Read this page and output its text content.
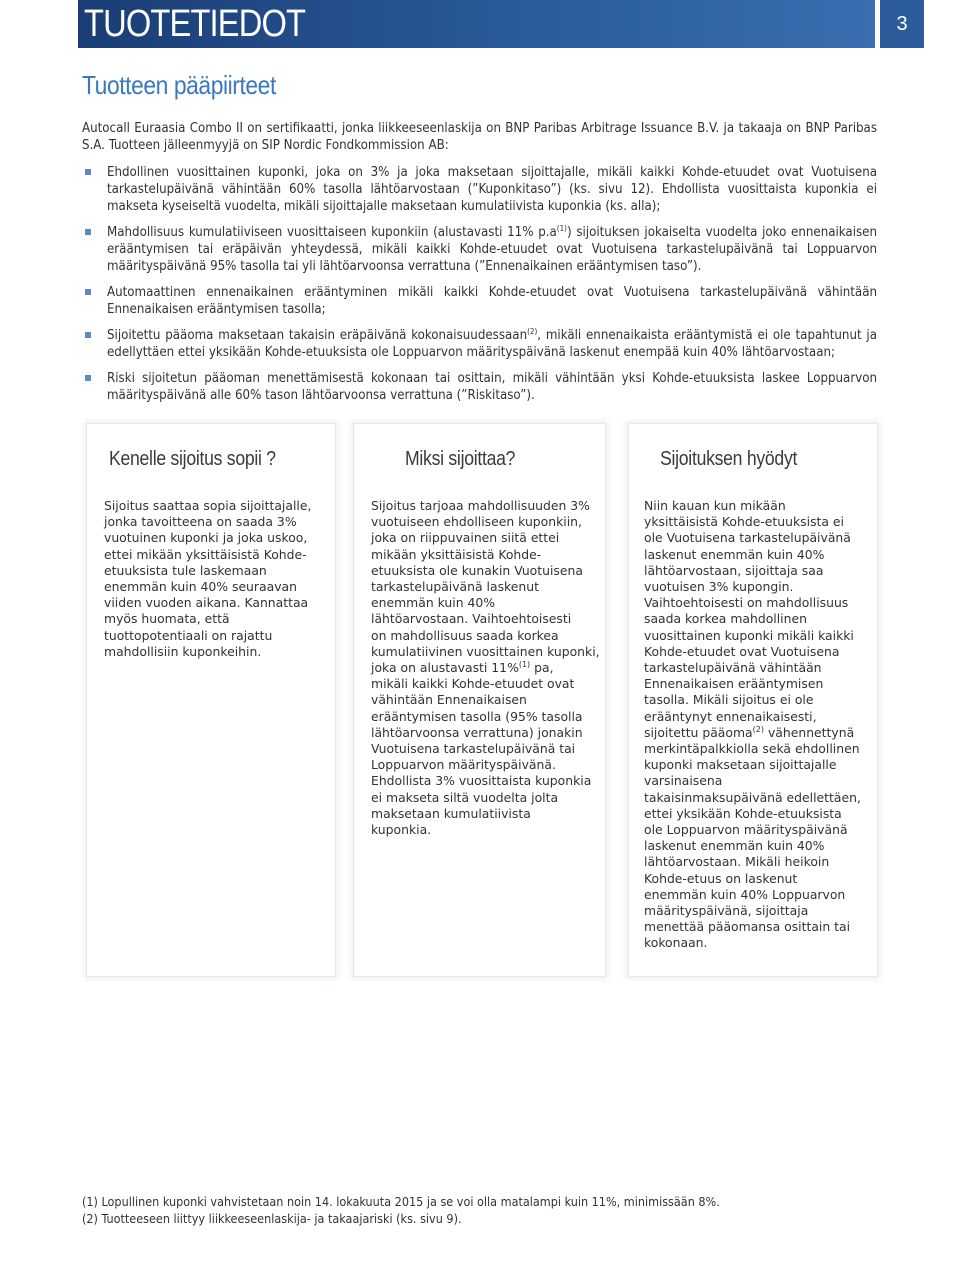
TUOTETIEDOT	3
Tuotteen pääpiirteet
Autocall Euraasia Combo II on sertifikaatti, jonka liikkeeseenlaskija on BNP Paribas Arbitrage Issuance B.V. ja takaaja on BNP Paribas S.A. Tuotteen jälleenmyyjä on SIP Nordic Fondkommission AB:
Ehdollinen vuosittainen kuponki, joka on 3% ja joka maksetaan sijoittajalle, mikäli kaikki Kohde-etuudet ovat Vuotuisena tarkastelupäivänä vähintään 60% tasolla lähtöarvostaan (”Kuponkitaso”) (ks. sivu 12). Ehdollista vuosittaista kuponkia ei makseta kyseiseltä vuodelta, mikäli sijoittajalle maksetaan kumulatiivista kuponkia (ks. alla);
Mahdollisuus kumulatiiviseen vuosittaiseen kuponkiin (alustavasti 11% $p.a^{(1)}$) sijoituksen jokaiselta vuodelta joko ennenaikaisen erääntymisen tai eräpäivän yhteydessä, mikäli kaikki Kohde-etuudet ovat Vuotuisena tarkastelupäivänä tai Loppuarvon määrityspäivänä 95% tasolla tai yli lähtöarvoonsa verrattuna (”Ennenaikainen erääntymisen taso”).
Automaattinen ennenaikainen erääntyminen mikäli kaikki Kohde-etuudet ovat Vuotuisena tarkastelupäivänä vähintään Ennenaikaisen erääntymisen tasolla;
Sijoitettu pääoma maksetaan takaisin eräpäivänä kokonaisuudessaan$^{(2)}$, mikäli ennenaikaista erääntymistä ei ole tapahtunut ja edellyttäen ettei yksikään Kohde-etuuksista ole Loppuarvon määrityspäivänä laskenut enempää kuin 40% lähtöarvostaan;
Riski sijoitetun pääoman menettämisestä kokonaan tai osittain, mikäli vähintään yksi Kohde-etuuksista laskee Loppuarvon määrityspäivänä alle 60% tason lähtöarvoonsa verrattuna (”Riskitaso”).
Kenelle sijoitus sopii ?
Sijoitus saattaa sopia sijoittajalle,
jonka tavoitteena on saada 3%
vuotuinen kuponki ja joka uskoo,
ettei mikään yksittäisistä Kohde-
etuuksista tule laskemaan
enemmän kuin 40% seuraavan
viiden vuoden aikana. Kannattaa
myös huomata, että
tuottopotentiaali on rajattu
mahdollisiin kuponkeihin.
Miksi sijoittaa?
Sijoitus tarjoaa mahdollisuuden 3%
vuotuiseen ehdolliseen kuponkiin,
joka on riippuvainen siitä ettei
mikään yksittäisistä Kohde-
etuuksista ole kunakin Vuotuisena
tarkastelupäivänä laskenut
enemmän kuin 40%
lähtöarvostaan. Vaihtoehtoisesti
on mahdollisuus saada korkea
kumulatiivinen vuosittainen kuponki,
joka on alustavasti 11%$^{(1)}$ pa,
mikäli kaikki Kohde-etuudet ovat
vähintään Ennenaikaisen
erääntymisen tasolla (95% tasolla
lähtöarvoonsa verrattuna) jonakin
Vuotuisena tarkastelupäivänä tai
Loppuarvon määrityspäivänä.
Ehdollista 3% vuosittaista kuponkia
ei makseta siltä vuodelta jolta
maksetaan kumulatiivista
kuponkia.
Sijoituksen hyödyt
Niin kauan kun mikään
yksittäisistä Kohde-etuuksista ei
ole Vuotuisena tarkastelupäivänä
laskenut enemmän kuin 40%
lähtöarvostaan, sijoittaja saa
vuotuisen 3% kupongin.
Vaihtoehtoisesti on mahdollisuus
saada korkea mahdollinen
vuosittainen kuponki mikäli kaikki
Kohde-etuudet ovat Vuotuisena
tarkastelupäivänä vähintään
Ennenaikaisen erääntymisen
tasolla. Mikäli sijoitus ei ole
erääntynyt ennenaikaisesti,
sijoitettu pääoma$^{(2)}$ vähennettynä
merkintäpalkkiolla sekä ehdollinen
kuponki maksetaan sijoittajalle
varsinaisena
takaisinmaksupäivänä edellettäen,
ettei yksikään Kohde-etuuksista
ole Loppuarvon määrityspäivänä
laskenut enemmän kuin 40%
lähtöarvostaan. Mikäli heikoin
Kohde-etuus on laskenut
enemmän kuin 40% Loppuarvon
määrityspäivänä, sijoittaja
menettää pääomansa osittain tai
kokonaan.
(1) Lopullinen kuponki vahvistetaan noin 14. lokakuuta 2015 ja se voi olla matalampi kuin 11%, minimissään 8%.
(2) Tuotteeseen liittyy liikkeeseenlaskija- ja takaajariski (ks. sivu 9).
